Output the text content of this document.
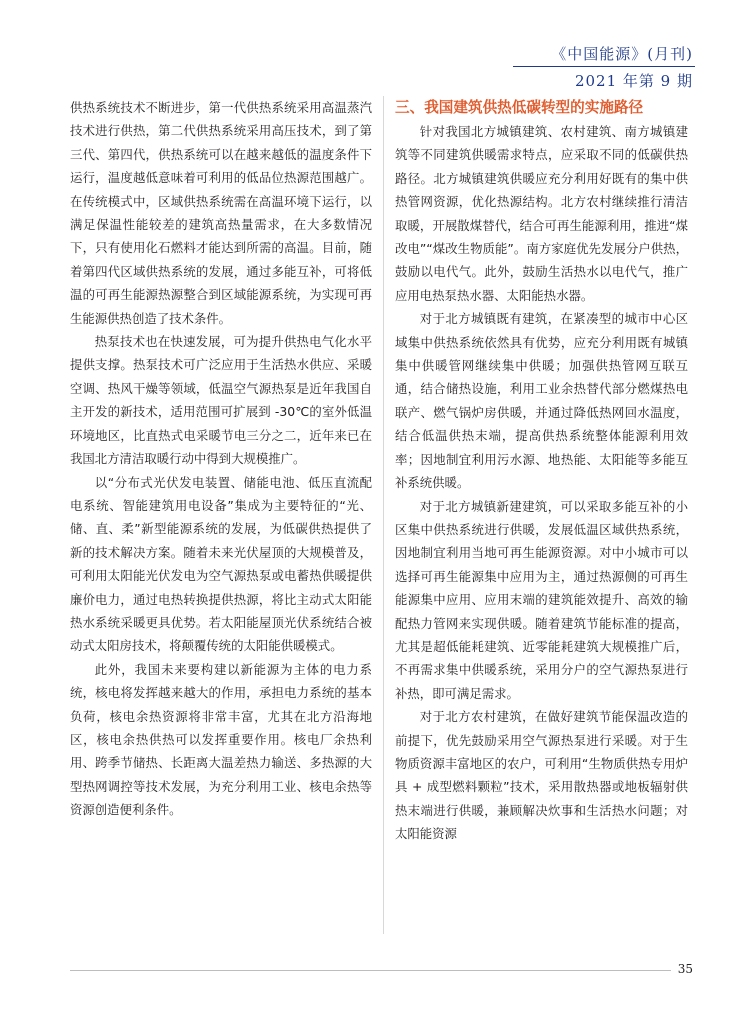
《中国能源》(月刊)
2021 年第 9 期

供热系统技术不断进步，第一代供热系统采用高温蒸汽技术进行供热，第二代供热系统采用高压技术，到了第三代、第四代，供热系统可以在越来越低的温度条件下运行，温度越低意味着可利用的低品位热源范围越广。在传统模式中，区域供热系统需在高温环境下运行，以满足保温性能较差的建筑高热量需求，在大多数情况下，只有使用化石燃料才能达到所需的高温。目前，随着第四代区域供热系统的发展，通过多能互补，可将低温的可再生能源热源整合到区域能源系统，为实现可再生能源供热创造了技术条件。

热泵技术也在快速发展，可为提升供热电气化水平提供支撑。热泵技术可广泛应用于生活热水供应、采暖空调、热风干燥等领域，低温空气源热泵是近年我国自主开发的新技术，适用范围可扩展到 -30℃的室外低温环境地区，比直热式电采暖节电三分之二，近年来已在我国北方清洁取暖行动中得到大规模推广。

以“分布式光伏发电装置、储能电池、低压直流配电系统、智能建筑用电设备”集成为主要特征的“光、储、直、柔”新型能源系统的发展，为低碳供热提供了新的技术解决方案。随着未来光伏屋顶的大规模普及，可利用太阳能光伏发电为空气源热泵或电蓄热供暖提供廉价电力，通过电热转换提供热源，将比主动式太阳能热水系统采暖更具优势。若太阳能屋顶光伏系统结合被动式太阳房技术，将颠覆传统的太阳能供暖模式。

此外，我国未来要构建以新能源为主体的电力系统，核电将发挥越来越大的作用，承担电力系统的基本负荷，核电余热资源将非常丰富，尤其在北方沿海地区，核电余热供热可以发挥重要作用。核电厂余热利用、跨季节储热、长距离大温差热力输送、多热源的大型热网调控等技术发展，为充分利用工业、核电余热等资源创造便利条件。

三、我国建筑供热低碳转型的实施路径

针对我国北方城镇建筑、农村建筑、南方城镇建筑等不同建筑供暖需求特点，应采取不同的低碳供热路径。北方城镇建筑供暖应充分利用好既有的集中供热管网资源，优化热源结构。北方农村继续推行清洁取暖，开展散煤替代，结合可再生能源利用，推进“煤改电”“煤改生物质能”。南方家庭优先发展分户供热，鼓励以电代气。此外，鼓励生活热水以电代气，推广应用电热泵热水器、太阳能热水器。

对于北方城镇既有建筑，在紧凑型的城市中心区域集中供热系统依然具有优势，应充分利用既有城镇集中供暖管网继续集中供暖；加强供热管网互联互通，结合储热设施，利用工业余热替代部分燃煤热电联产、燃气锅炉房供暖，并通过降低热网回水温度，结合低温供热末端，提高供热系统整体能源利用效率；因地制宜利用污水源、地热能、太阳能等多能互补系统供暖。

对于北方城镇新建建筑，可以采取多能互补的小区集中供热系统进行供暖，发展低温区域供热系统，因地制宜利用当地可再生能源资源。对中小城市可以选择可再生能源集中应用为主，通过热源侧的可再生能源集中应用、应用末端的建筑能效提升、高效的输配热力管网来实现供暖。随着建筑节能标准的提高，尤其是超低能耗建筑、近零能耗建筑大规模推广后，不再需求集中供暖系统，采用分户的空气源热泵进行补热，即可满足需求。

对于北方农村建筑，在做好建筑节能保温改造的前提下，优先鼓励采用空气源热泵进行采暖。对于生物质资源丰富地区的农户，可利用“生物质供热专用炉具 + 成型燃料颗粒”技术，采用散热器或地板辐射供热末端进行供暖，兼顾解决炊事和生活热水问题；对太阳能资源

35
